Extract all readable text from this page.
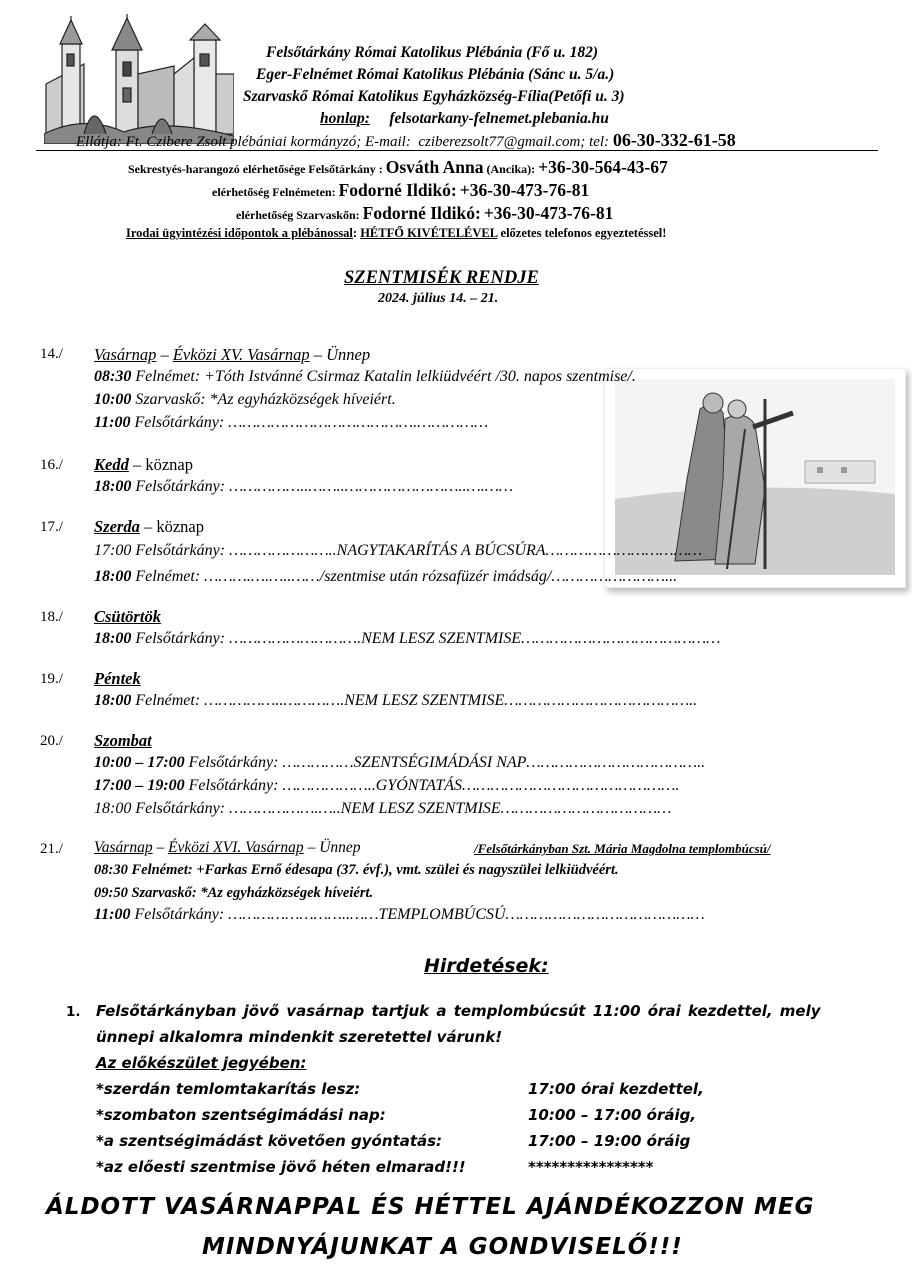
Felsőtárkány Római Katolikus Plébánia (Fő u. 182)
Eger-Felnémet Római Katolikus Plébánia (Sánc u. 5/a.)
Szarvaskő Római Katolikus Egyházközség-Fília(Petőfi u. 3)
honlap: felsotarkany-felnemet.plebania.hu
Ellátja: Ft. Czibere Zsolt plébániai kormányzó; E-mail: cziberezsolt77@gmail.com; tel: 06-30-332-61-58
Sekrestyés-harangozó elérhetősége Felsőtárkány : Osváth Anna (Ancika): +36-30-564-43-67
elérhetőség Felnémeten: Fodorné Ildikó: +36-30-473-76-81
elérhetőség Szarvaskőn: Fodorné Ildikó: +36-30-473-76-81
Irodai ügyintézési időpontok a plébánossal: HÉTFŐ KIVÉTELÉVEL előzetes telefonos egyeztetéssel!
SZENTMISÉK RENDJE
2024. július 14. – 21.
14./ Vasárnap – Évközi XV. Vasárnap – Ünnep
08:30 Felnémet: +Tóth Istvánné Csirmaz Katalin lelkiüdvéért /30. napos szentmise/.
10:00 Szarvaskő: *Az egyházközségek híveiért.
11:00 Felsőtárkány: ………………………………….……………
16./ Kedd – köznap
18:00 Felsőtárkány: ……………..……..……………………..….……
17./ Szerda – köznap
17:00 Felsőtárkány: …………………..NAGYTAKARÍTÁS A BÚCSÚRA……………………………
18:00 Felnémet: ……….….…..……/szentmise után rózsafüzér imádság/……………………...
18./ Csütörtök
18:00 Felsőtárkány: ……………………….NEM LESZ SZENTMISE……………………………………
19./ Péntek
18:00 Felnémet: ……………..………….NEM LESZ SZENTMISE…………………………………..
20./ Szombat
10:00 – 17:00 Felsőtárkány: ……………SZENTSÉGIMÁDÁSI NAP………………………………..
17:00 – 19:00 Felsőtárkány: ………………..GYÓNTATÁS……………………………………….
18:00 Felsőtárkány: ……………….…..NEM LESZ SZENTMISE………………………………
21./ Vasárnap – Évközi XVI. Vasárnap – Ünnep	/Felsőtárkányban Szt. Mária Magdolna templombúcsú/
08:30 Felnémet: +Farkas Ernő édesapa (37. évf.), vmt. szülei és nagyszülei lelkiüdvéért.
09:50 Szarvaskő: *Az egyházközségek híveiért.
11:00 Felsőtárkány: ……………………..……TEMPLOMBÚCSÚ……………………………………
Hirdetések:
1. Felsőtárkányban jövő vasárnap tartjuk a templombúcsút 11:00 órai kezdettel, mely
ünnepi alkalomra mindenkit szeretettel várunk!
Az előkészület jegyében:
*szerdán temlomtakarítás lesz:	17:00 órai kezdettel,
*szombaton szentségimádási nap:	10:00 – 17:00 óráig,
*a szentségimádást követően gyóntatás:	17:00 – 19:00 óráig
*az előesti szentmise jövő héten elmarad!!!	****************
ÁLDOTT VASÁRNAPPAL ÉS HÉTTEL AJÁNDÉKOZZON MEG
MINDNYÁJUNKAT A GONDVISELŐ!!!
